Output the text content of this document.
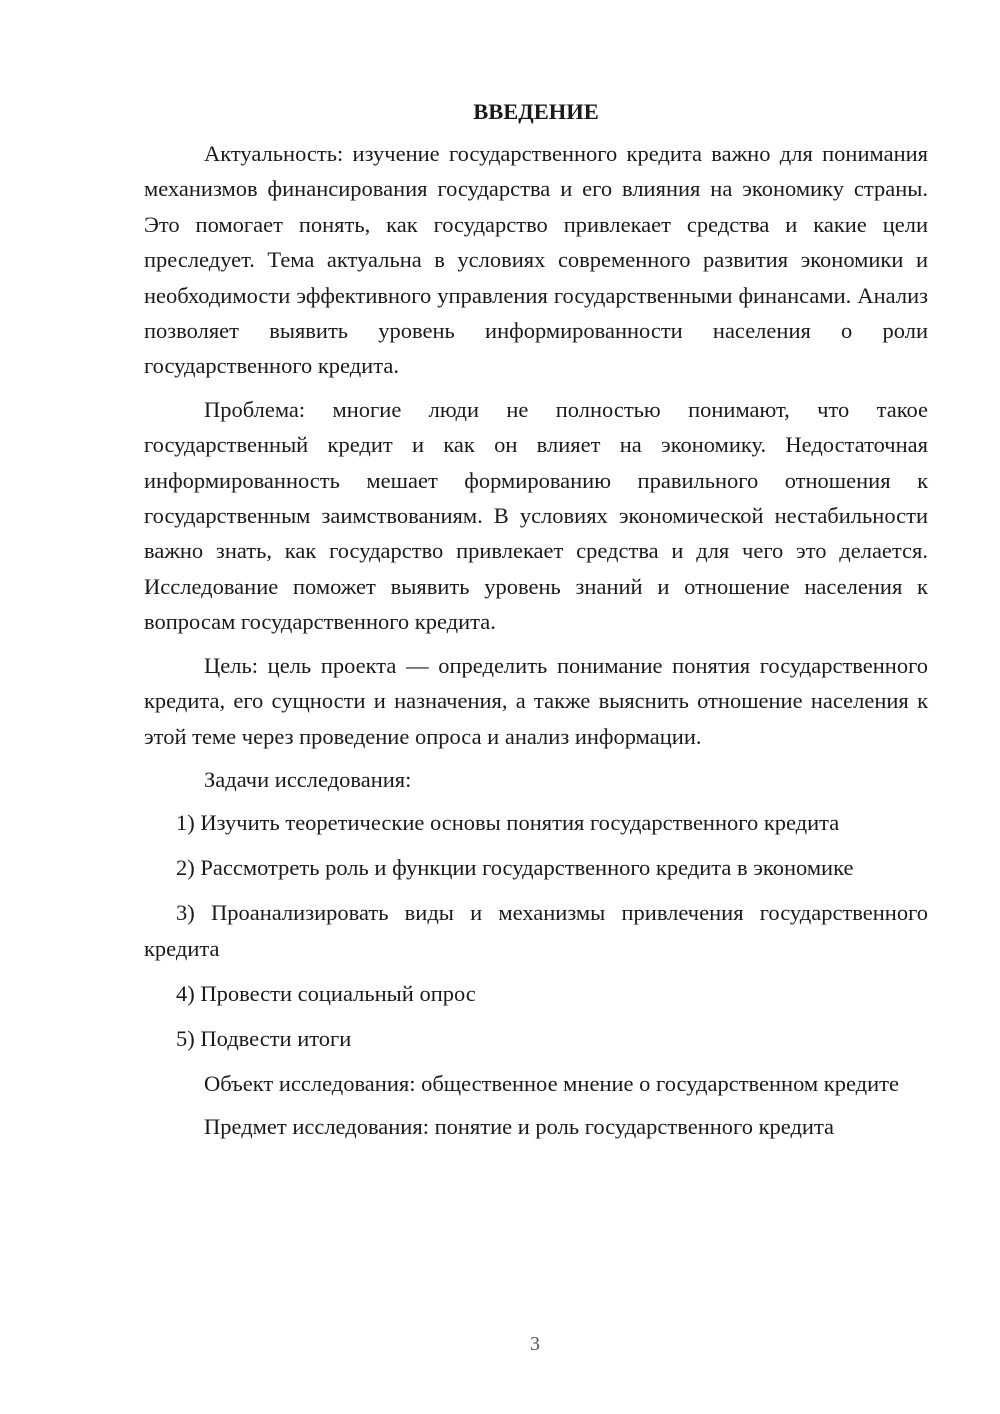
ВВЕДЕНИЕ

Актуальность: изучение государственного кредита важно для понимания механизмов финансирования государства и его влияния на экономику страны. Это помогает понять, как государство привлекает средства и какие цели преследует. Тема актуальна в условиях современного развития экономики и необходимости эффективного управления государственными финансами. Анализ позволяет выявить уровень информированности населения о роли государственного кредита.

Проблема: многие люди не полностью понимают, что такое государственный кредит и как он влияет на экономику. Недостаточная информированность мешает формированию правильного отношения к государственным заимствованиям. В условиях экономической нестабильности важно знать, как государство привлекает средства и для чего это делается. Исследование поможет выявить уровень знаний и отношение населения к вопросам государственного кредита.

Цель: цель проекта — определить понимание понятия государственного кредита, его сущности и назначения, а также выяснить отношение населения к этой теме через проведение опроса и анализ информации.

Задачи исследования:

1) Изучить теоретические основы понятия государственного кредита

2) Рассмотреть роль и функции государственного кредита в экономике

3) Проанализировать виды и механизмы привлечения государственного кредита

4) Провести социальный опрос

5) Подвести итоги

Объект исследования: общественное мнение о государственном кредите

Предмет исследования: понятие и роль государственного кредита

3
